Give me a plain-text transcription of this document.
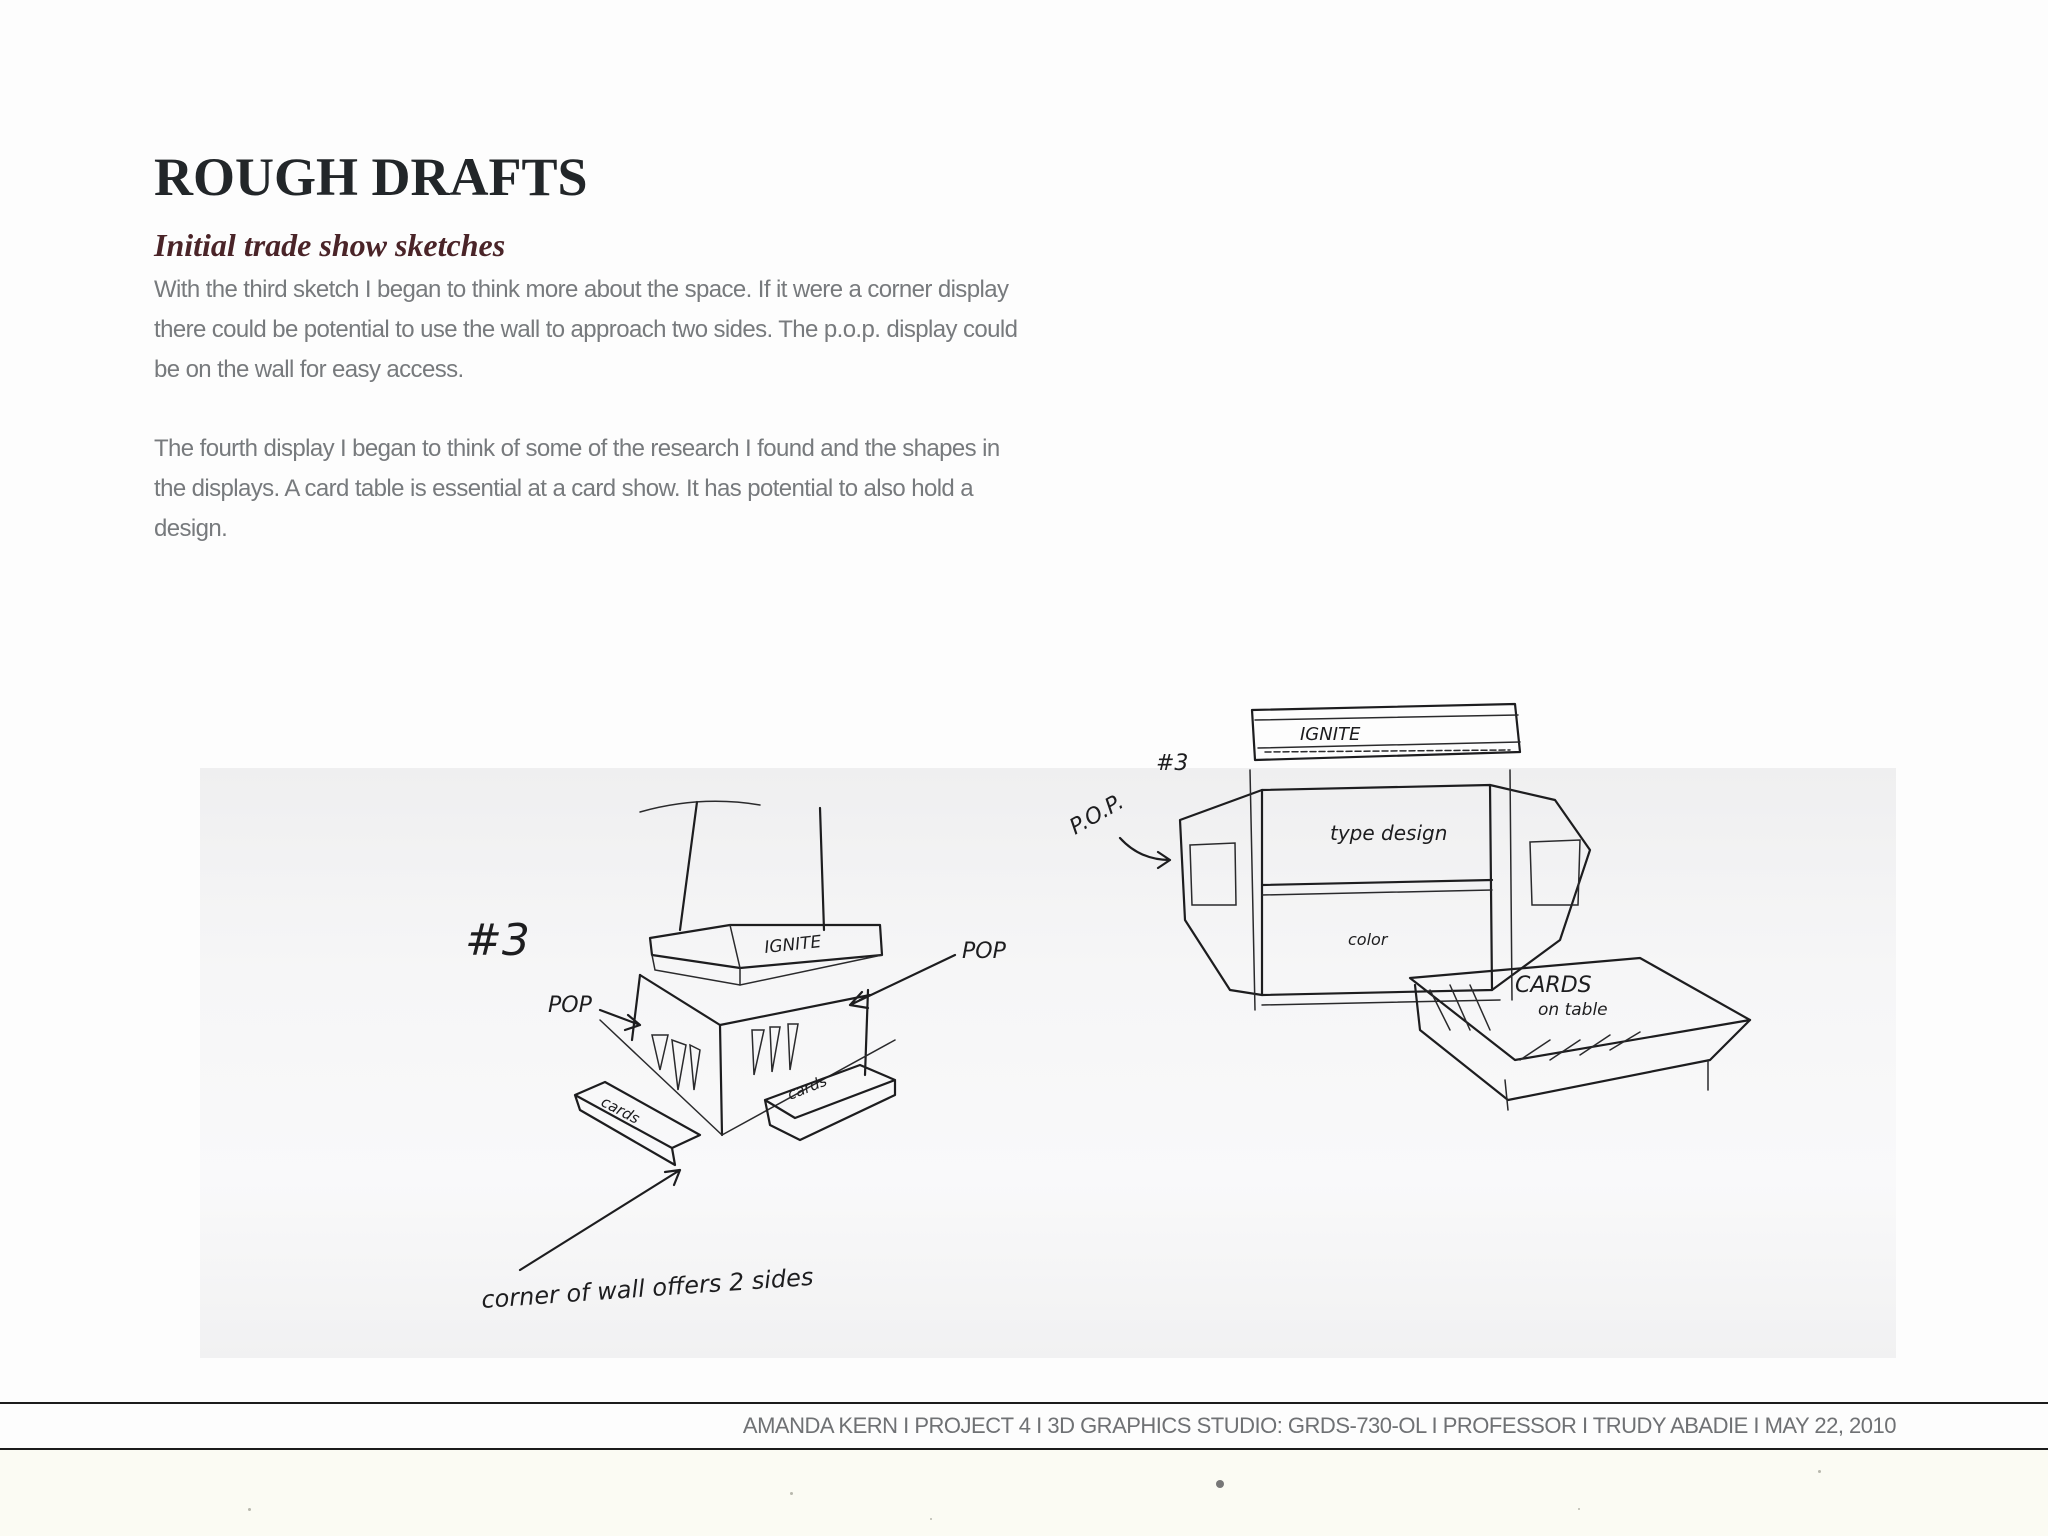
ROUGH DRAFTS
Initial trade show sketches

With the third sketch I began to think more about the space. If it were a corner display there could be potential to use the wall to approach two sides. The p.o.p. display could be on the wall for easy access.

The fourth display I began to think of some of the research I found and the shapes in the displays. A card table is essential at a card show. It has potential to also hold a design.

#3	IGNITE
POP
POP
cards
cards
corner of wall offers 2 sides
#3
P.O.P.
IGNITE
type design
color
CARDS
on table
AMANDA KERN I PROJECT 4 I 3D GRAPHICS STUDIO: GRDS-730-OL I PROFESSOR I TRUDY ABADIE I MAY 22, 2010
